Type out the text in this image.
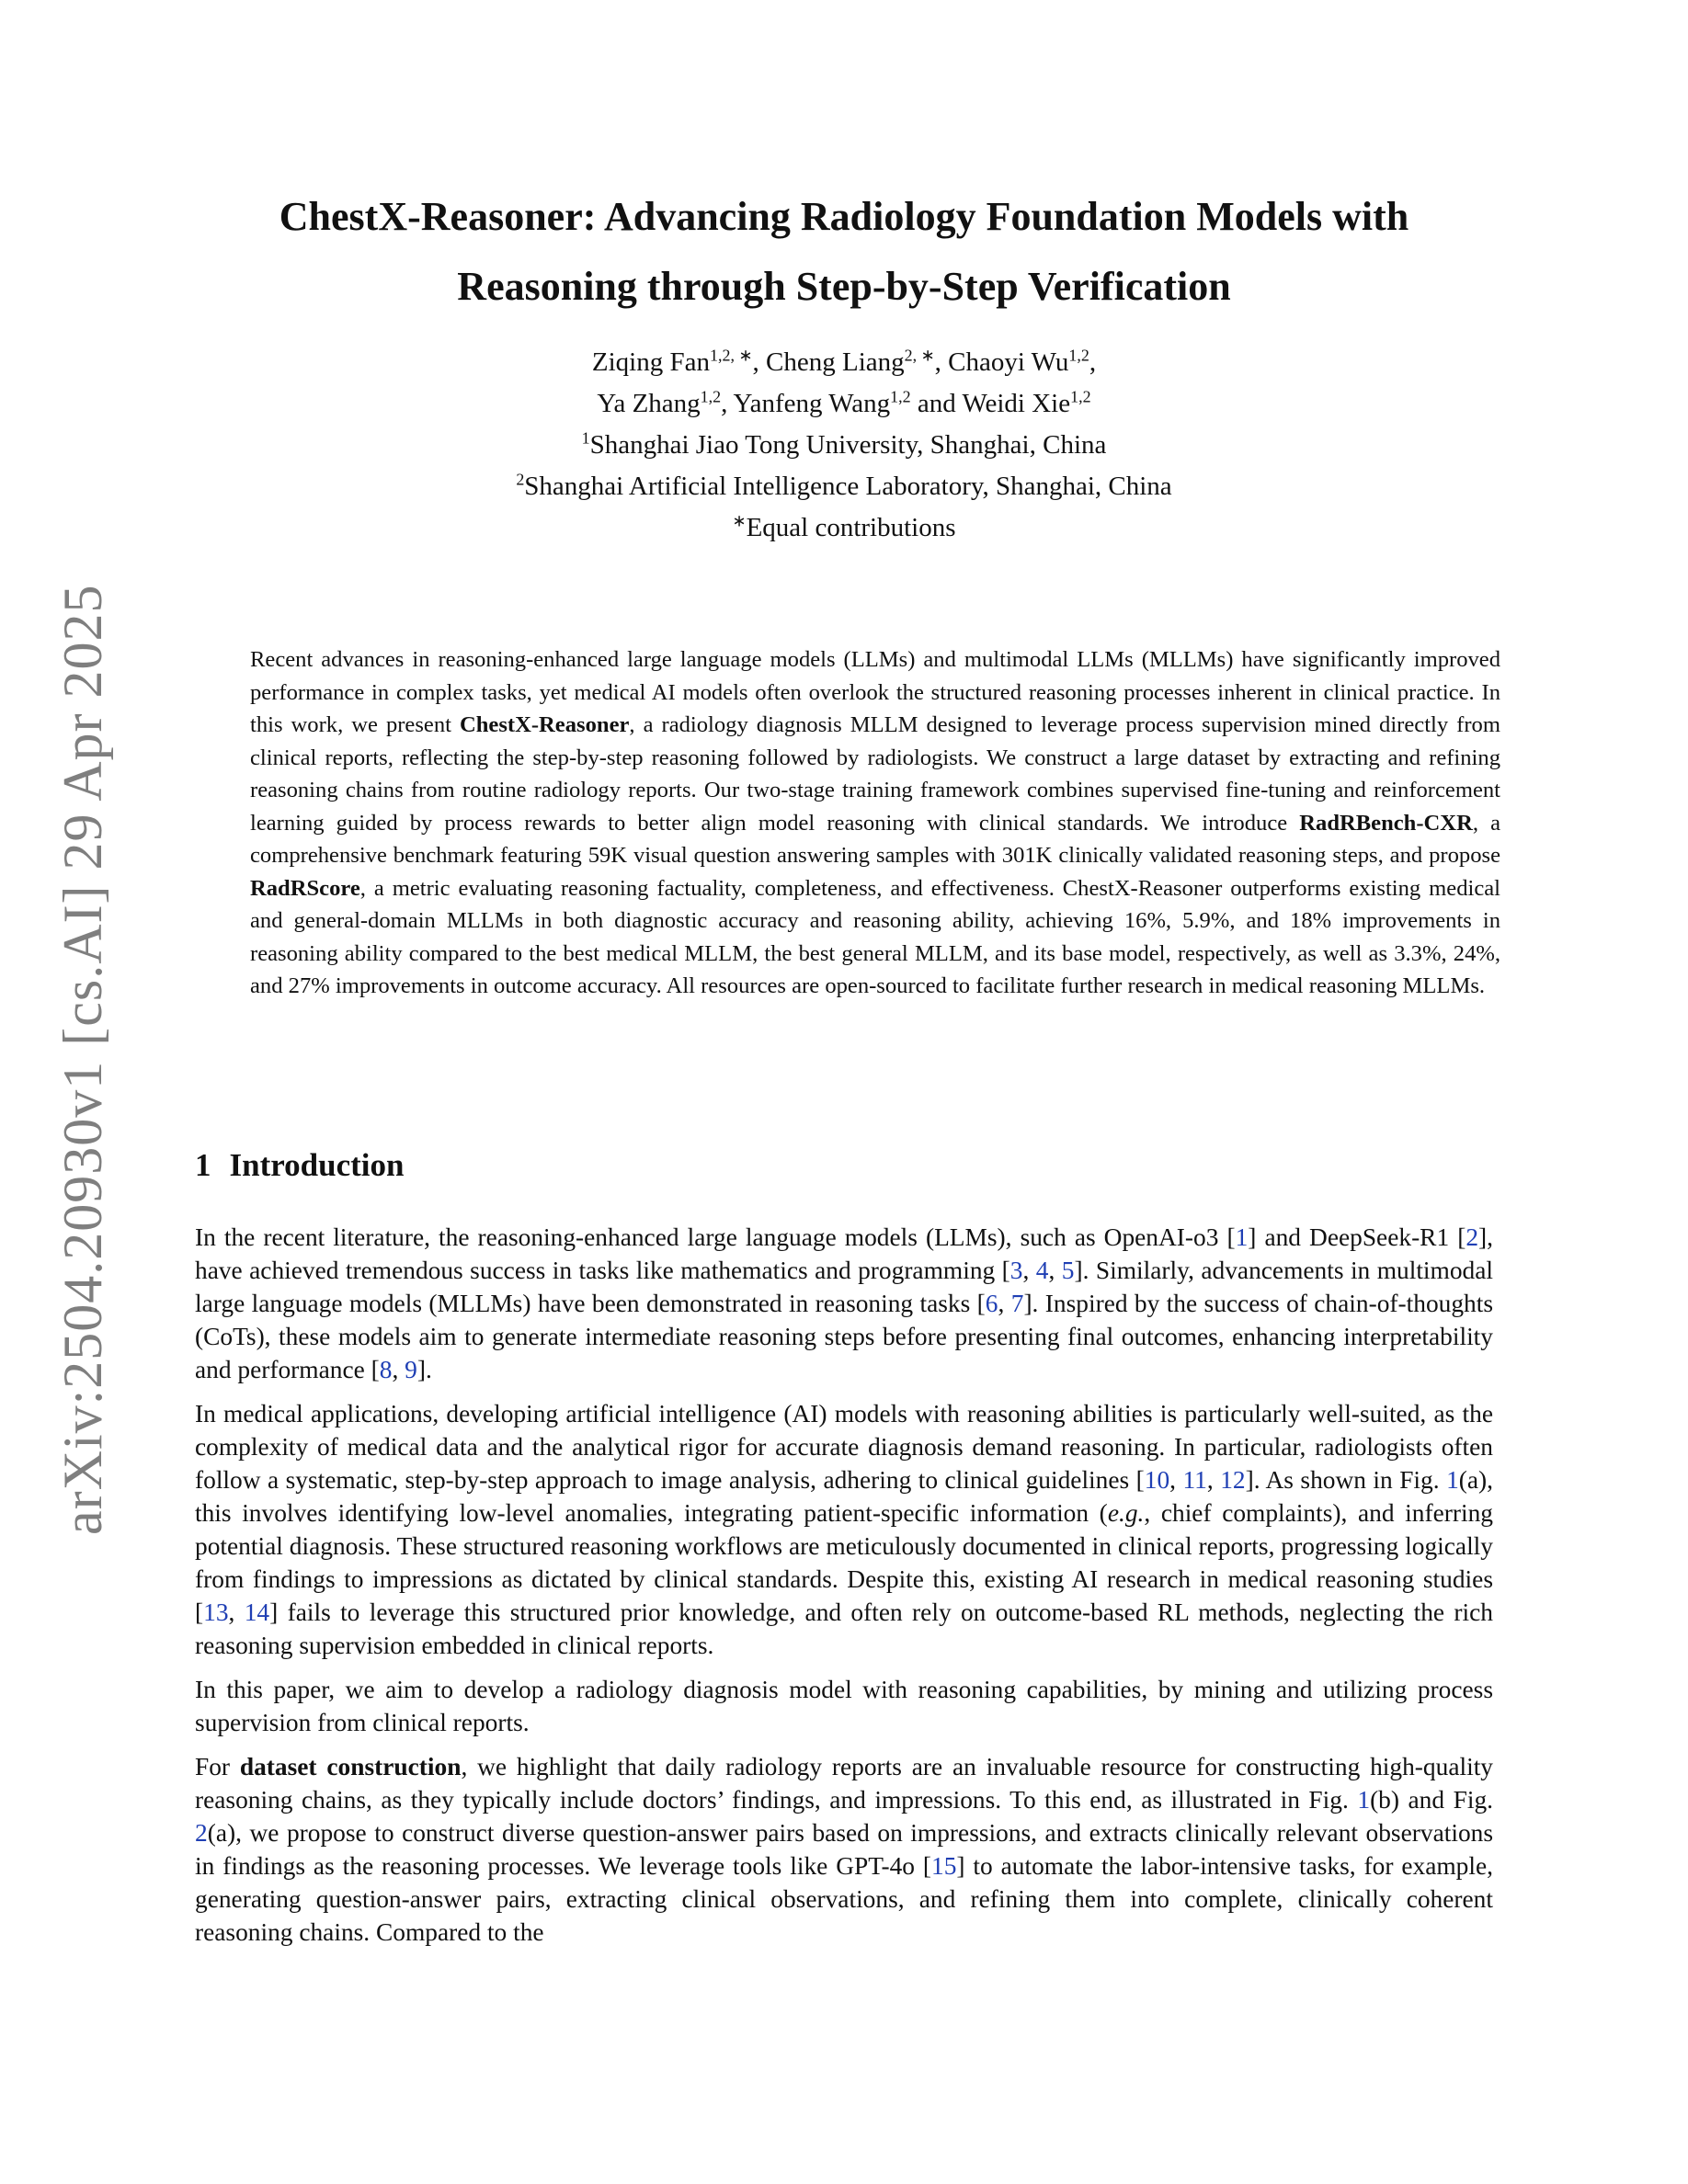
arXiv:2504.20930v1 [cs.AI] 29 Apr 2025
ChestX-Reasoner: Advancing Radiology Foundation Models with
Reasoning through Step-by-Step Verification
Ziqing Fan$^{1,2, ∗}$, Cheng Liang$^{2, ∗}$, Chaoyi Wu$^{1,2}$,
Ya Zhang$^{1,2}$, Yanfeng Wang$^{1,2}$ and Weidi Xie$^{1,2}$
$^1$Shanghai Jiao Tong University, Shanghai, China
$^2$Shanghai Artificial Intelligence Laboratory, Shanghai, China
∗Equal contributions

Recent advances in reasoning-enhanced large language models (LLMs) and multimodal LLMs (MLLMs) have significantly improved performance in complex tasks, yet medical AI models often overlook the structured reasoning processes inherent in clinical practice. In this work, we present ChestX-Reasoner, a radiology diagnosis MLLM designed to leverage process supervision mined directly from clinical reports, reflecting the step-by-step reasoning followed by radiologists. We construct a large dataset by extracting and refining reasoning chains from routine radiology reports. Our two-stage training framework combines supervised fine-tuning and reinforcement learning guided by process rewards to better align model reasoning with clinical standards. We introduce RadRBench-CXR, a comprehensive benchmark featuring 59K visual question answering samples with 301K clinically validated reasoning steps, and propose RadRScore, a metric evaluating reasoning factuality, completeness, and effectiveness. ChestX-Reasoner outperforms existing medical and general-domain MLLMs in both diagnostic accuracy and reasoning ability, achieving 16%, 5.9%, and 18% improvements in reasoning ability compared to the best medical MLLM, the best general MLLM, and its base model, respectively, as well as 3.3%, 24%, and 27% improvements in outcome accuracy. All resources are open-sourced to facilitate further research in medical reasoning MLLMs.

1 Introduction

In the recent literature, the reasoning-enhanced large language models (LLMs), such as OpenAI-o3 [1] and DeepSeek-R1 [2], have achieved tremendous success in tasks like mathematics and programming [3, 4, 5]. Similarly, advancements in multimodal large language models (MLLMs) have been demonstrated in reasoning tasks [6, 7]. Inspired by the success of chain-of-thoughts (CoTs), these models aim to generate intermediate reasoning steps before presenting final outcomes, enhancing interpretability and performance [8, 9].

In medical applications, developing artificial intelligence (AI) models with reasoning abilities is particularly well-suited, as the complexity of medical data and the analytical rigor for accurate diagnosis demand reasoning. In particular, radiologists often follow a systematic, step-by-step approach to image analysis, adhering to clinical guidelines [10, 11, 12]. As shown in Fig. 1(a), this involves identifying low-level anomalies, integrating patient-specific information (e.g., chief complaints), and inferring potential diagnosis. These structured reasoning workflows are meticulously documented in clinical reports, progressing logically from findings to impressions as dictated by clinical standards. Despite this, existing AI research in medical reasoning studies [13, 14] fails to leverage this structured prior knowledge, and often rely on outcome-based RL methods, neglecting the rich reasoning supervision embedded in clinical reports.

In this paper, we aim to develop a radiology diagnosis model with reasoning capabilities, by mining and utilizing process supervision from clinical reports.

For dataset construction, we highlight that daily radiology reports are an invaluable resource for constructing high-quality reasoning chains, as they typically include doctors’ findings, and impressions. To this end, as illustrated in Fig. 1(b) and Fig. 2(a), we propose to construct diverse question-answer pairs based on impressions, and extracts clinically relevant observations in findings as the reasoning processes. We leverage tools like GPT-4o [15] to automate the labor-intensive tasks, for example, generating question-answer pairs, extracting clinical observations, and refining them into complete, clinically coherent reasoning chains. Compared to the
